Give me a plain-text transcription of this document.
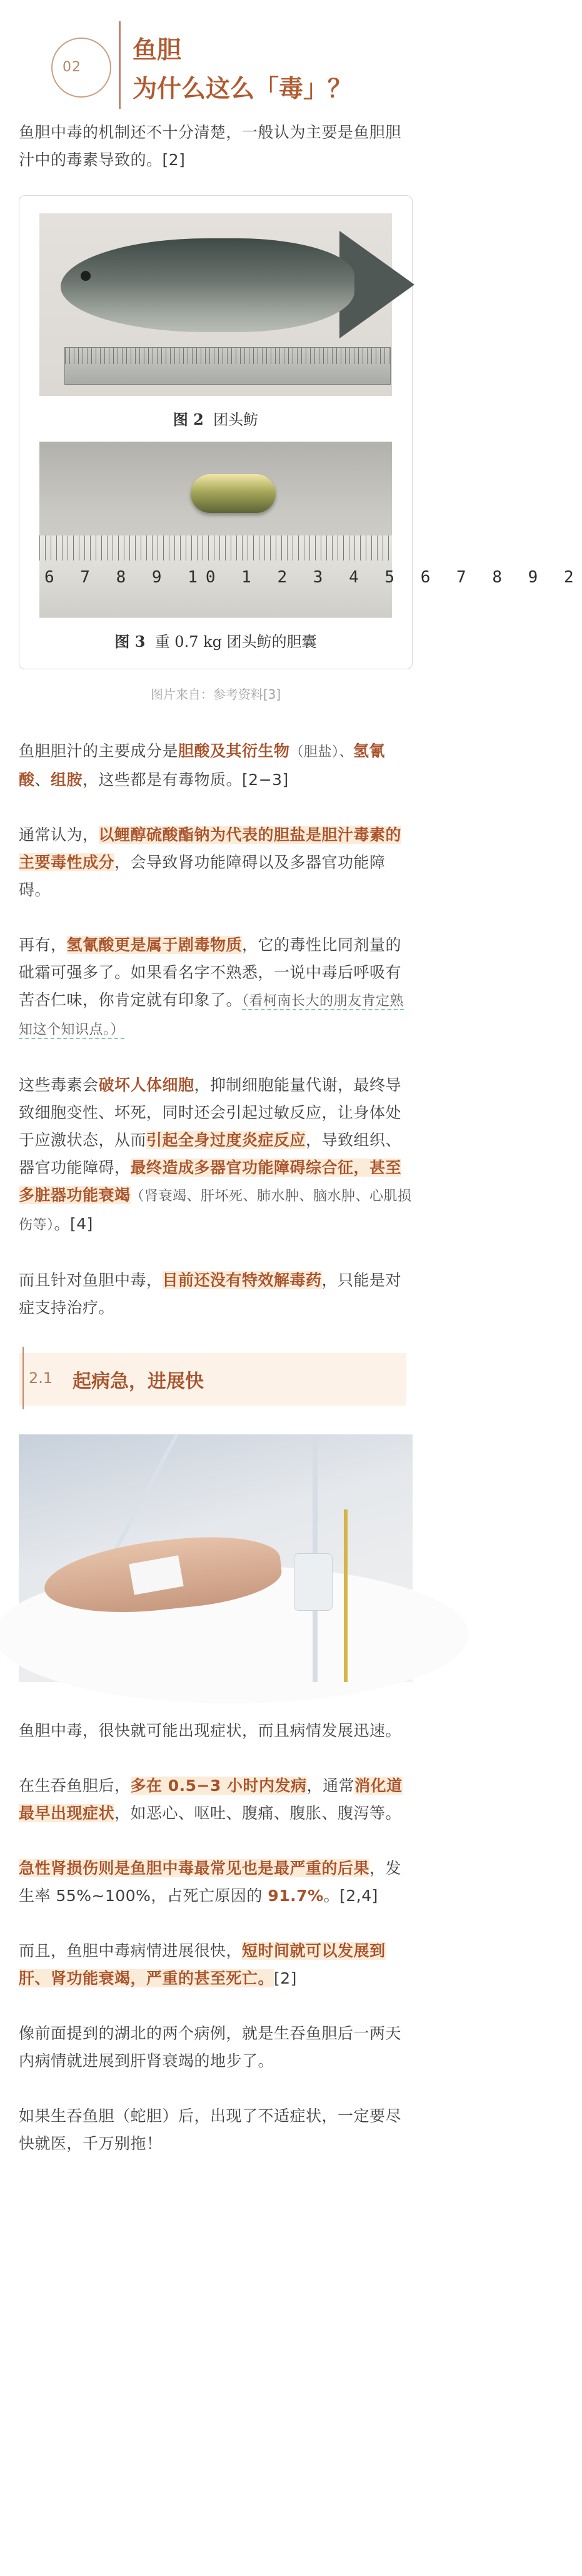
02
鱼胆
为什么这么「毒」？

鱼胆中毒的机制还不十分清楚，一般认为主要是鱼胆胆汁中的毒素导致的。[2]

图 2 团头鲂
6 7 8 9 10 1 2 3 4 5 6 7 8 9 2
图 3 重 0.7 kg 团头鲂的胆囊
图片来自：参考资料[3]

鱼胆胆汁的主要成分是胆酸及其衍生物（胆盐）、氢氰酸、组胺，这些都是有毒物质。[2−3]

通常认为，以鲤醇硫酸酯钠为代表的胆盐是胆汁毒素的主要毒性成分，会导致肾功能障碍以及多器官功能障碍。

再有，氢氰酸更是属于剧毒物质，它的毒性比同剂量的砒霜可强多了。如果看名字不熟悉，一说中毒后呼吸有苦杏仁味，你肯定就有印象了。（看柯南长大的朋友肯定熟知这个知识点。）

这些毒素会破坏人体细胞，抑制细胞能量代谢，最终导致细胞变性、坏死，同时还会引起过敏反应，让身体处于应激状态，从而引起全身过度炎症反应，导致组织、器官功能障碍，最终造成多器官功能障碍综合征，甚至多脏器功能衰竭（肾衰竭、肝坏死、肺水肿、脑水肿、心肌损伤等）。[4]

而且针对鱼胆中毒，目前还没有特效解毒药，只能是对症支持治疗。

2.1 起病急，进展快

鱼胆中毒，很快就可能出现症状，而且病情发展迅速。

在生吞鱼胆后，多在 0.5−3 小时内发病，通常消化道最早出现症状，如恶心、呕吐、腹痛、腹胀、腹泻等。

急性肾损伤则是鱼胆中毒最常见也是最严重的后果，发生率 55%~100%，占死亡原因的 91.7%。[2,4]

而且，鱼胆中毒病情进展很快，短时间就可以发展到肝、肾功能衰竭，严重的甚至死亡。[2]

像前面提到的湖北的两个病例，就是生吞鱼胆后一两天内病情就进展到肝肾衰竭的地步了。

如果生吞鱼胆（蛇胆）后，出现了不适症状，一定要尽快就医，千万别拖！
